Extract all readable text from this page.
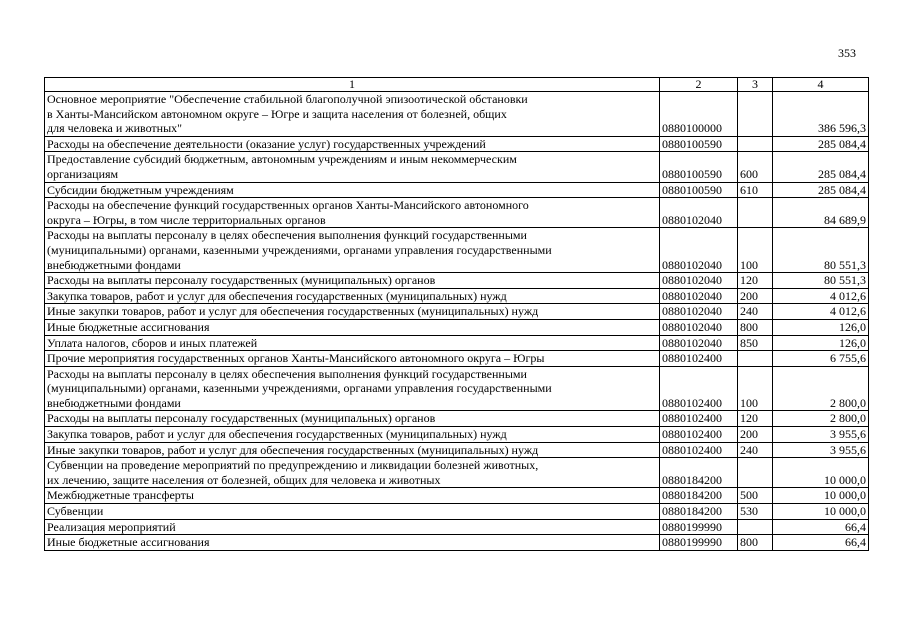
353
1	2	3	4
Основное мероприятие "Обеспечение стабильной благополучной эпизоотической обстановки
в Ханты-Мансийском автономном округе – Югре и защита населения от болезней, общих
для человека и животных"	0880100000		386 596,3
Расходы на обеспечение деятельности (оказание услуг) государственных учреждений	0880100590		285 084,4
Предоставление субсидий бюджетным, автономным учреждениям и иным некоммерческим
организациям	0880100590	600	285 084,4
Субсидии бюджетным учреждениям	0880100590	610	285 084,4
Расходы на обеспечение функций государственных органов Ханты-Мансийского автономного
округа – Югры, в том числе территориальных органов	0880102040		84 689,9
Расходы на выплаты персоналу в целях обеспечения выполнения функций государственными
(муниципальными) органами, казенными учреждениями, органами управления государственными
внебюджетными фондами	0880102040	100	80 551,3
Расходы на выплаты персоналу государственных (муниципальных) органов	0880102040	120	80 551,3
Закупка товаров, работ и услуг для обеспечения государственных (муниципальных) нужд	0880102040	200	4 012,6
Иные закупки товаров, работ и услуг для обеспечения государственных (муниципальных) нужд	0880102040	240	4 012,6
Иные бюджетные ассигнования	0880102040	800	126,0
Уплата налогов, сборов и иных платежей	0880102040	850	126,0
Прочие мероприятия государственных органов Ханты-Мансийского автономного округа – Югры	0880102400		6 755,6
Расходы на выплаты персоналу в целях обеспечения выполнения функций государственными
(муниципальными) органами, казенными учреждениями, органами управления государственными
внебюджетными фондами	0880102400	100	2 800,0
Расходы на выплаты персоналу государственных (муниципальных) органов	0880102400	120	2 800,0
Закупка товаров, работ и услуг для обеспечения государственных (муниципальных) нужд	0880102400	200	3 955,6
Иные закупки товаров, работ и услуг для обеспечения государственных (муниципальных) нужд	0880102400	240	3 955,6
Субвенции на проведение мероприятий по предупреждению и ликвидации болезней животных,
их лечению, защите населения от болезней, общих для человека и животных	0880184200		10 000,0
Межбюджетные трансферты	0880184200	500	10 000,0
Субвенции	0880184200	530	10 000,0
Реализация мероприятий	0880199990		66,4
Иные бюджетные ассигнования	0880199990	800	66,4
